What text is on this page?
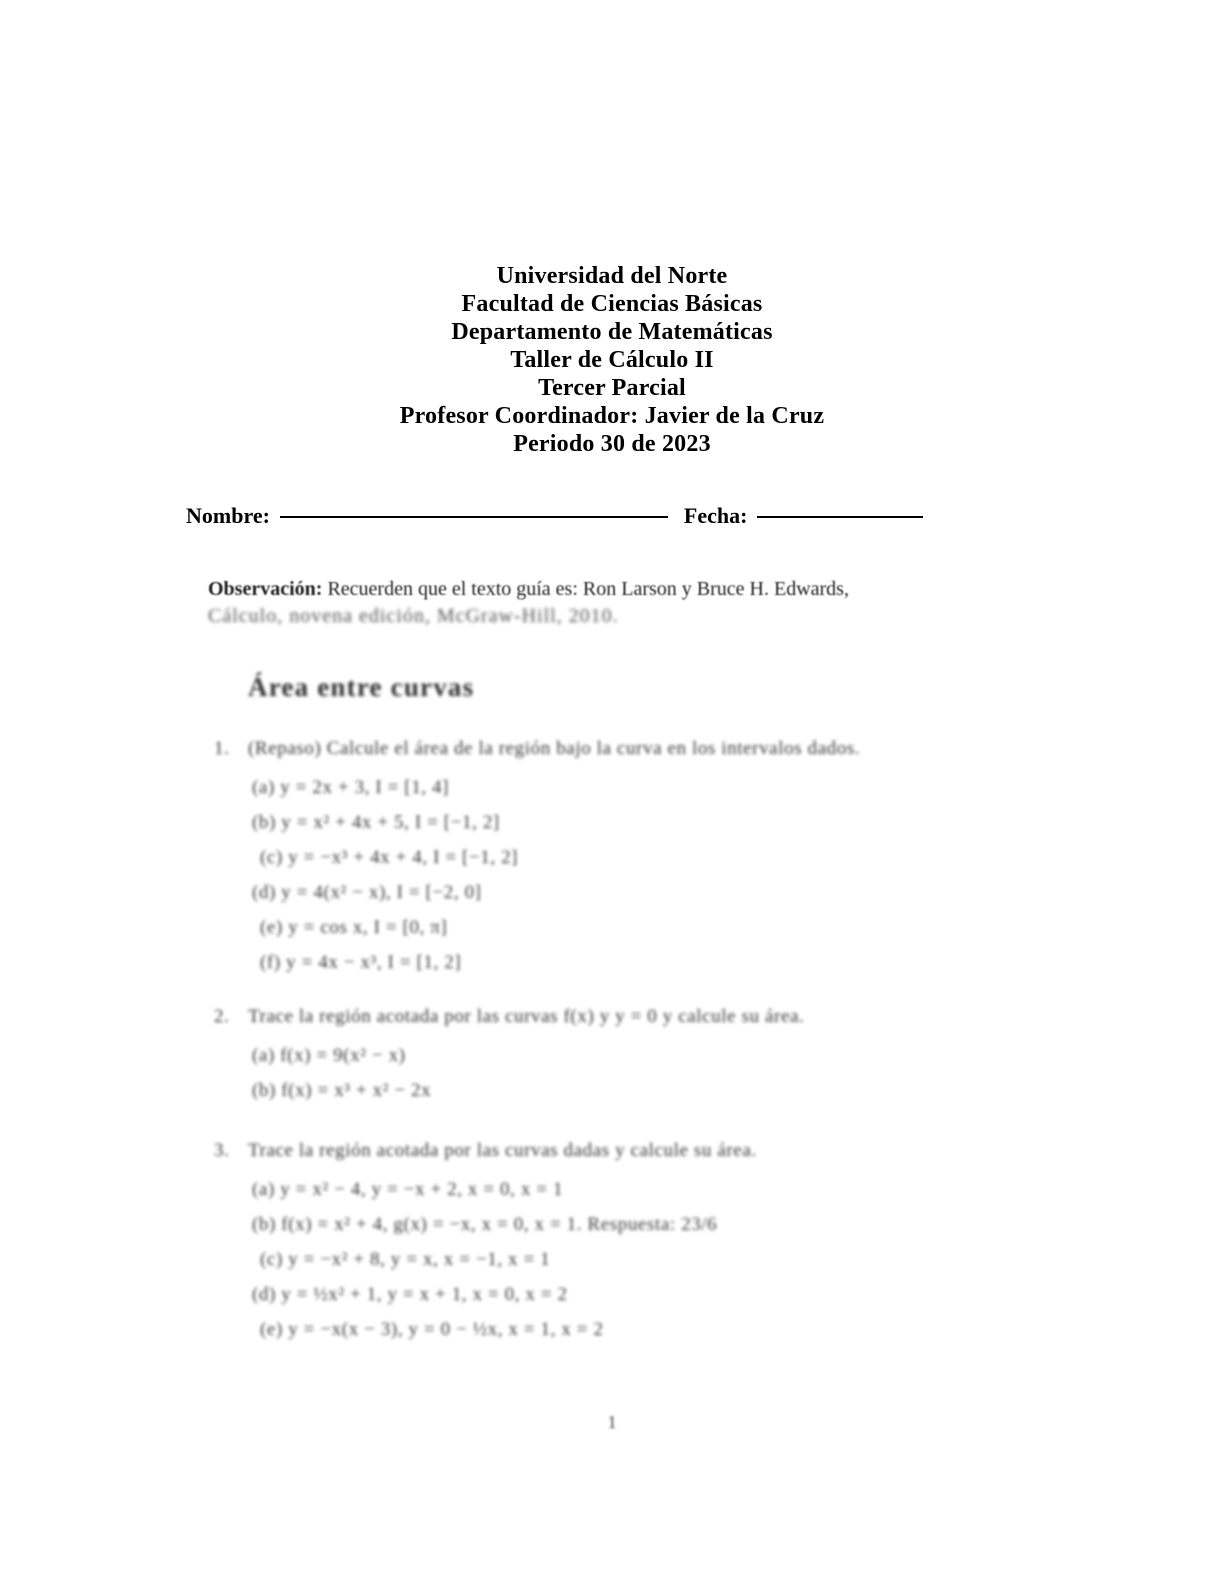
Universidad del Norte
Facultad de Ciencias Básicas
Departamento de Matemáticas
Taller de Cálculo II
Tercer Parcial
Profesor Coordinador: Javier de la Cruz
Periodo 30 de 2023
Nombre:	Fecha:
Observación: Recuerden que el texto guía es: Ron Larson y Bruce H. Edwards,
Cálculo, novena edición, McGraw-Hill, 2010.
Área entre curvas
1. (Repaso) Calcule el área de la región bajo la curva en los intervalos dados.
(a) y = 2x + 3, I = [1, 4]
(b) y = x² + 4x + 5, I = [−1, 2]
(c) y = −x³ + 4x + 4, I = [−1, 2]
(d) y = 4(x² − x), I = [−2, 0]
(e) y = cos x, I = [0, π]
(f) y = 4x − x³, I = [1, 2]
2. Trace la región acotada por las curvas f(x) y y = 0 y calcule su área.
(a) f(x) = 9(x² − x)
(b) f(x) = x³ + x² − 2x
3. Trace la región acotada por las curvas dadas y calcule su área.
(a) y = x² − 4, y = −x + 2, x = 0, x = 1
(b) f(x) = x² + 4, g(x) = −x, x = 0, x = 1. Respuesta: 23/6
(c) y = −x² + 8, y = x, x = −1, x = 1
(d) y = ½x² + 1, y = x + 1, x = 0, x = 2
(e) y = −x(x − 3), y = 0 − ½x, x = 1, x = 2
1
